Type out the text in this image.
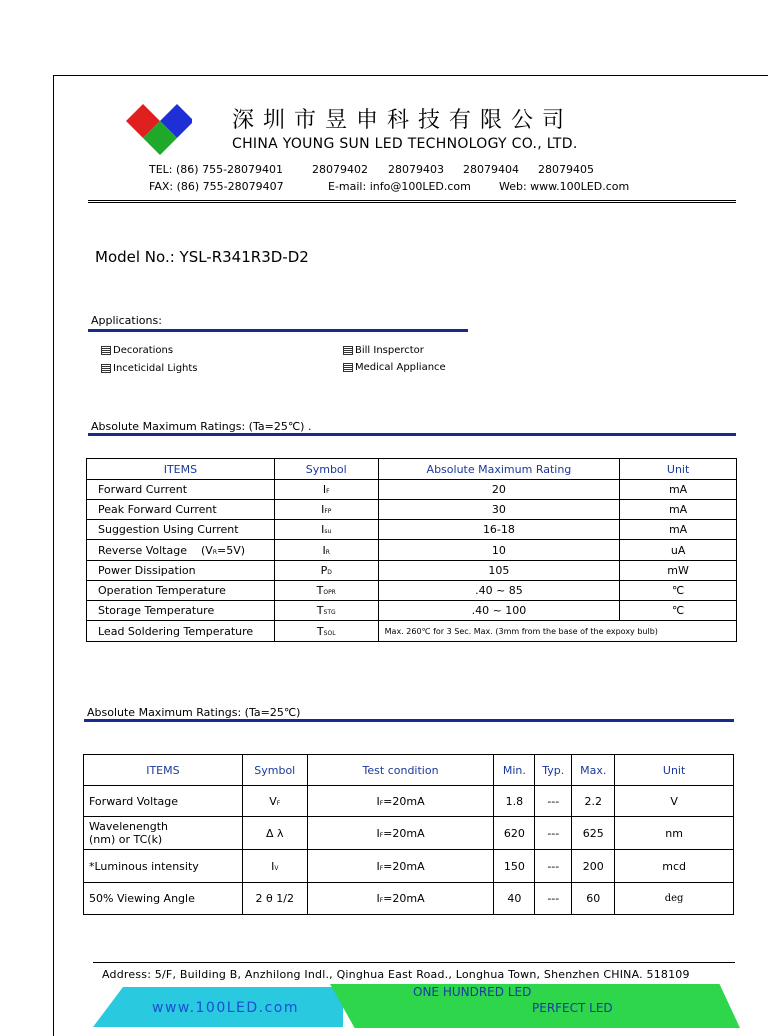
深圳市昱申科技有限公司
CHINA YOUNG SUN LED TECHNOLOGY CO., LTD.
TEL: (86) 755-28079401	28079402 28079403 28079404 28079405
FAX: (86) 755-28079407	E-mail: info@100LED.com	Web: www.100LED.com
Model No.: YSL-R341R3D-D2
Applications:
Decorations	Bill Insperctor
Inceticidal Lights	Medical Appliance
Absolute Maximum Ratings: (Ta=25℃) .
ITEMS	Symbol	Absolute Maximum Rating	Unit
Forward Current	IF	20	mA
Peak Forward Current	IFP	30	mA
Suggestion Using Current	Isu	16-18	mA
Reverse Voltage (VR=5V)	IR	10	uA
Power Dissipation	PD	105	mW
Operation Temperature	TOPR	.40 ~ 85	℃
Storage Temperature	TSTG	.40 ~ 100	℃
Lead Soldering Temperature	TSOL	Max. 260℃ for 3 Sec. Max. (3mm from the base of the expoxy bulb)	
Absolute Maximum Ratings: (Ta=25℃)
ITEMS	Symbol	Test condition	Min.	Typ.	Max.	Unit
Forward Voltage	VF	IF=20mA	1.8	---	2.2	V

Wavelenength
(nm) or TC(k)	Δ λ	IF=20mA	620	---	625	nm
*Luminous intensity	IV	IF=20mA	150	---	200	mcd
50% Viewing Angle	2 θ 1/2	IF=20mA	40	---	60	deg
Address: 5/F, Building B, Anzhilong Indl., Qinghua East Road., Longhua Town, Shenzhen CHINA. 518109
www.100LED.com
ONE HUNDRED LED
PERFECT LED
